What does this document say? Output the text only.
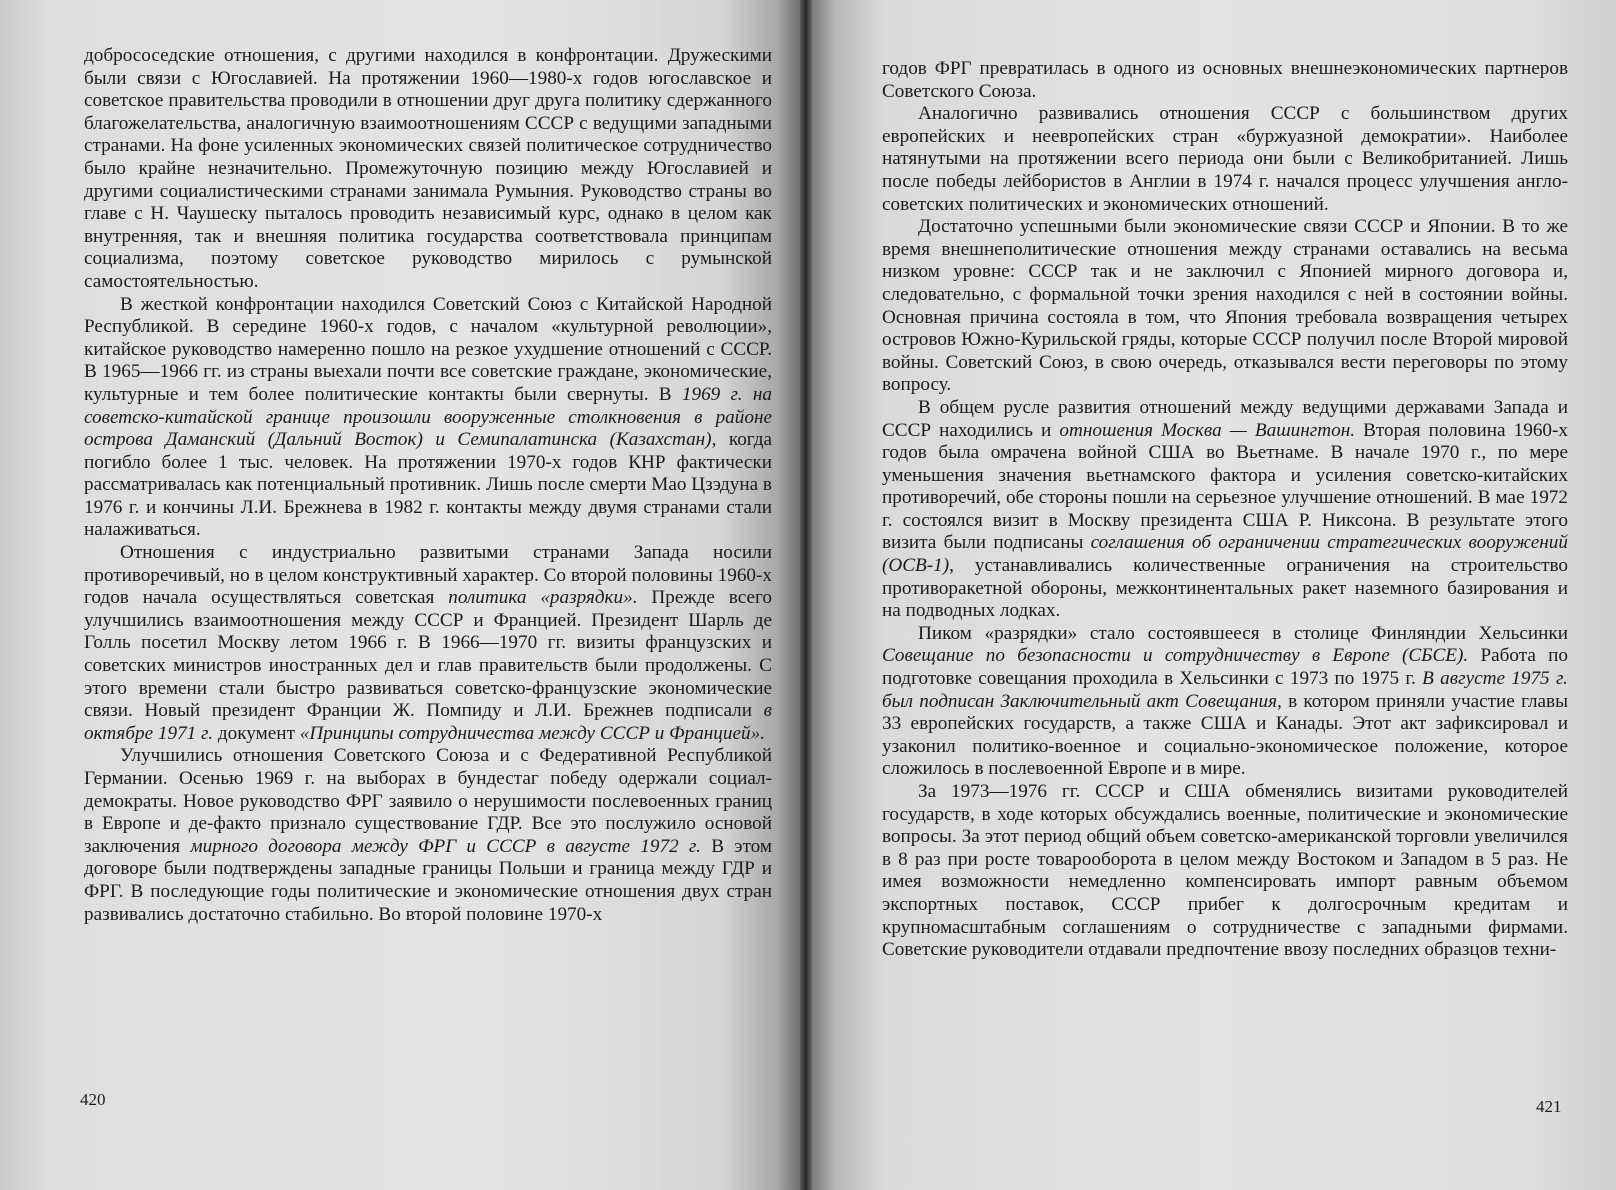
добрососедские отношения, с другими находился в конфронтации. Дружескими были связи с Югославией. На протяжении 1960—1980-х годов югославское и советское правительства проводили в отношении друг друга политику сдержанного благожелательства, аналогичную взаимоотношениям СССР с ведущими западными странами. На фоне усиленных экономических связей политическое сотрудничество было крайне незначительно. Промежуточную позицию между Югославией и другими социалистическими странами занимала Румыния. Руководство страны во главе с Н. Чаушеску пыталось проводить независимый курс, однако в целом как внутренняя, так и внешняя политика государства соответствовала принципам социализма, поэтому советское руководство мирилось с румынской самостоятельностью.

В жесткой конфронтации находился Советский Союз с Китайской Народной Республикой. В середине 1960-х годов, с началом «культурной революции», китайское руководство намеренно пошло на резкое ухудшение отношений с СССР. В 1965—1966 гг. из страны выехали почти все советские граждане, экономические, культурные и тем более политические контакты были свернуты. В 1969 г. на советско-китайской границе произошли вооруженные столкновения в районе острова Даманский (Дальний Восток) и Семипалатинска (Казахстан), когда погибло более 1 тыс. человек. На протяжении 1970-х годов КНР фактически рассматривалась как потенциальный противник. Лишь после смерти Мао Цзэдуна в 1976 г. и кончины Л.И. Брежнева в 1982 г. контакты между двумя странами стали налаживаться.

Отношения с индустриально развитыми странами Запада носили противоречивый, но в целом конструктивный характер. Со второй половины 1960-х годов начала осуществляться советская политика «разрядки». Прежде всего улучшились взаимоотношения между СССР и Францией. Президент Шарль де Голль посетил Москву летом 1966 г. В 1966—1970 гг. визиты французских и советских министров иностранных дел и глав правительств были продолжены. С этого времени стали быстро развиваться советско-французские экономические связи. Новый президент Франции Ж. Помпиду и Л.И. Брежнев подписали в октябре 1971 г. документ «Принципы сотрудничества между СССР и Францией».

Улучшились отношения Советского Союза и с Федеративной Республикой Германии. Осенью 1969 г. на выборах в бундестаг победу одержали социал-демократы. Новое руководство ФРГ заявило о нерушимости послевоенных границ в Европе и де-факто признало существование ГДР. Все это послужило основой заключения мирного договора между ФРГ и СССР в августе 1972 г. В этом договоре были подтверждены западные границы Польши и граница между ГДР и ФРГ. В последующие годы политические и экономические отношения двух стран развивались достаточно стабильно. Во второй половине 1970-х

420

годов ФРГ превратилась в одного из основных внешнеэкономических партнеров Советского Союза.

Аналогично развивались отношения СССР с большинством других европейских и неевропейских стран «буржуазной демократии». Наиболее натянутыми на протяжении всего периода они были с Великобританией. Лишь после победы лейбористов в Англии в 1974 г. начался процесс улучшения англо-советских политических и экономических отношений.

Достаточно успешными были экономические связи СССР и Японии. В то же время внешнеполитические отношения между странами оставались на весьма низком уровне: СССР так и не заключил с Японией мирного договора и, следовательно, с формальной точки зрения находился с ней в состоянии войны. Основная причина состояла в том, что Япония требовала возвращения четырех островов Южно-Курильской гряды, которые СССР получил после Второй мировой войны. Советский Союз, в свою очередь, отказывался вести переговоры по этому вопросу.

В общем русле развития отношений между ведущими державами Запада и СССР находились и отношения Москва — Вашингтон. Вторая половина 1960-х годов была омрачена войной США во Вьетнаме. В начале 1970 г., по мере уменьшения значения вьетнамского фактора и усиления советско-китайских противоречий, обе стороны пошли на серьезное улучшение отношений. В мае 1972 г. состоялся визит в Москву президента США Р. Никсона. В результате этого визита были подписаны соглашения об ограничении стратегических вооружений (ОСВ-1), устанавливались количественные ограничения на строительство противоракетной обороны, межконтинентальных ракет наземного базирования и на подводных лодках.

Пиком «разрядки» стало состоявшееся в столице Финляндии Хельсинки Совещание по безопасности и сотрудничеству в Европе (СБСЕ). Работа по подготовке совещания проходила в Хельсинки с 1973 по 1975 г. В августе 1975 г. был подписан Заключительный акт Совещания, в котором приняли участие главы 33 европейских государств, а также США и Канады. Этот акт зафиксировал и узаконил политико-военное и социально-экономическое положение, которое сложилось в послевоенной Европе и в мире.

За 1973—1976 гг. СССР и США обменялись визитами руководителей государств, в ходе которых обсуждались военные, политические и экономические вопросы. За этот период общий объем советско-американской торговли увеличился в 8 раз при росте товарооборота в целом между Востоком и Западом в 5 раз. Не имея возможности немедленно компенсировать импорт равным объемом экспортных поставок, СССР прибег к долгосрочным кредитам и крупномасштабным соглашениям о сотрудничестве с западными фирмами. Советские руководители отдавали предпочтение ввозу последних образцов техни-

421
